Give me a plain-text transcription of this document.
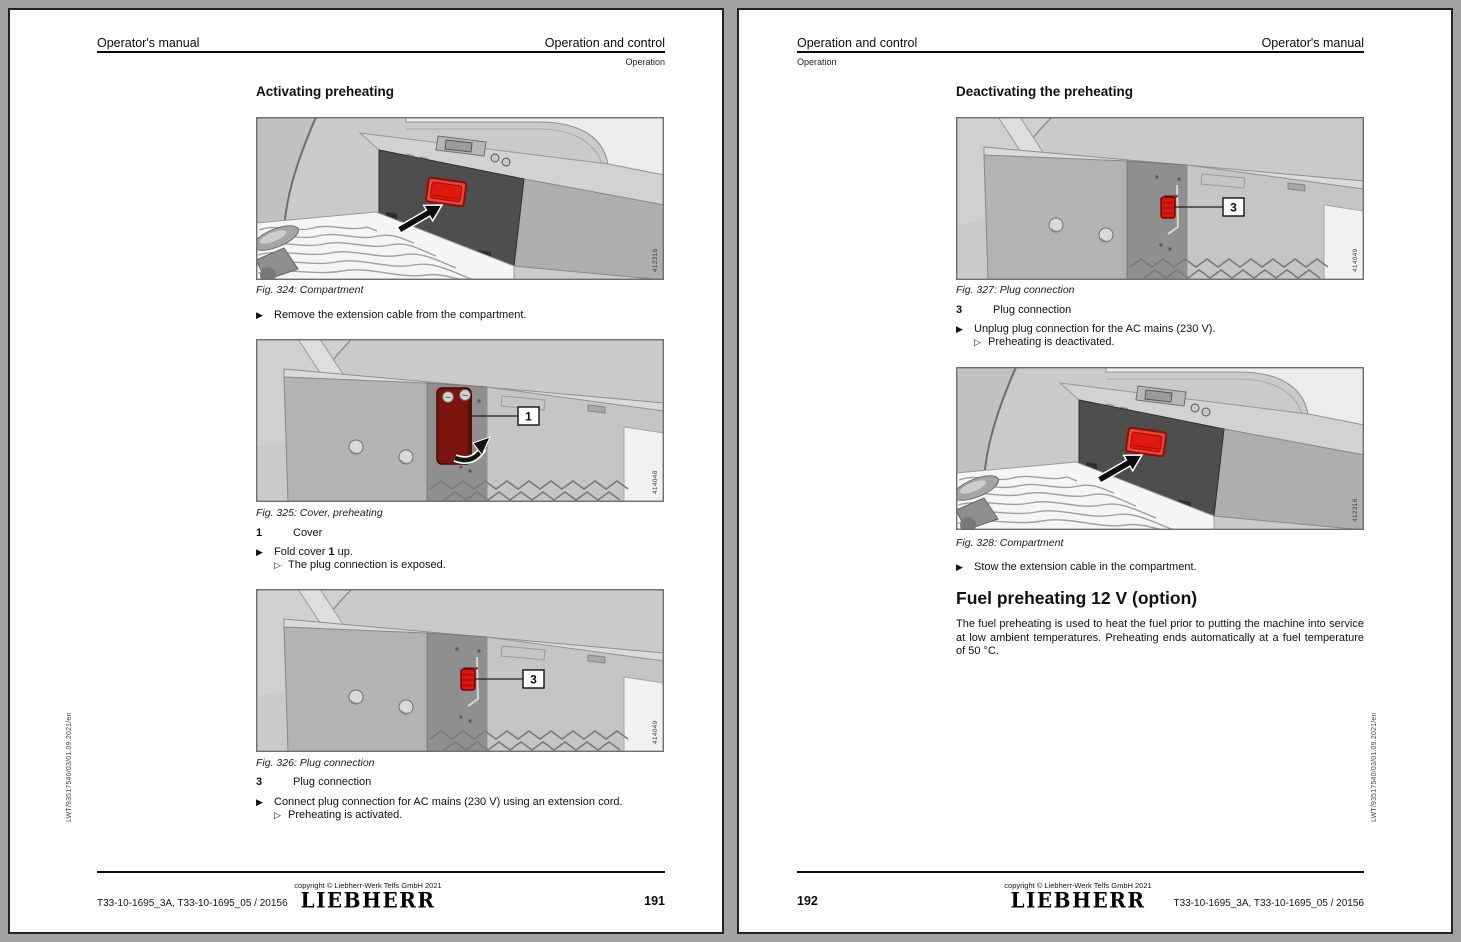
Operator's manual	Operation and control
Operation
Activating preheating
412316
Fig. 324: Compartment
▶	Remove the extension cable from the compartment.
1
414048
Fig. 325: Cover, preheating
1	Cover
▶	Fold cover 1 up.
▷ The plug connection is exposed.
3
414049
Fig. 326: Plug connection
3	Plug connection
▶	Connect plug connection for AC mains (230 V) using an extension cord.
▷ Preheating is activated.
copyright © Liebherr-Werk Telfs GmbH 2021
LIEBHERR
T33-10-1695_3A, T33-10-1695_05 / 20156	191
LWT/93517540/03/01.09.2021/en
Operation and control	Operator's manual
Operation
Deactivating the preheating
3
414049
Fig. 327: Plug connection
3	Plug connection
▶	Unplug plug connection for the AC mains (230 V).
▷ Preheating is deactivated.
412316
Fig. 328: Compartment
▶	Stow the extension cable in the compartment.
Fuel preheating 12 V (option)
The fuel preheating is used to heat the fuel prior to putting the machine into service at low ambient temperatures. Preheating ends automatically at a fuel temperature of 50 °C.
192
copyright © Liebherr-Werk Telfs GmbH 2021
LIEBHERR	T33-10-1695_3A, T33-10-1695_05 / 20156
LWT/93517540/03/01.09.2021/en
